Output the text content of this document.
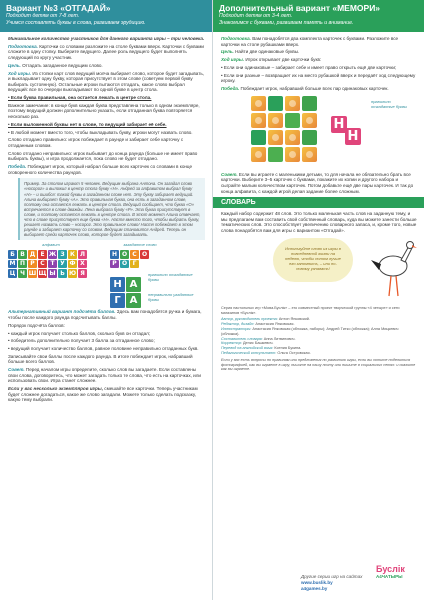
Вариант №3 «ОТГАДАЙ»
Подходит детям от 7-8 лет.
Учимся составлять буквы в слова, развиваем эрудицию.

Минимальное количество участников для данного варианта игры – три человека.

Подготовка. Карточки со словами разложите на столе буквами вверх. Карточки с буквами сложите в одну стопку. Выберите ведущего. Далее роль ведущего будет выполнять следующий по кругу участник.

Цель. Отгадать загаданное ведущим слово.

Ход игры. Из стопки карт слов ведущий молча выбирает слово, которое будет загадывать, и выкладывает одну букву, которая присутствует в этом слове (советуем первой букву выбирать сустоянную). Остальные игроки пытаются отгадать, какое слово выбрал ведущий: все по очереди выкладывают по одной букве в центр стола.

• Если буква правильная, она остается лежать в центре стола.

Важное замечание: в конце букв каждая буква представлена только в одном экземпляре, поэтому ведущий должен дополнительно указать, если отгаданная буква повторяется несколько раз.

• Если выложенной буквы нет в слове, то ведущий забирает её себе.

• В любой момент вместо того, чтобы выкладывать букву, игроки могут назвать слово.

Слово отгадано правильно: игрок побеждает в раунде и забирает себе карточку с отгаданным словом.

Слово отгадано неправильно: игрок выбывает до конца раунда (больше не имеет право выбирать буквы), и игра продолжается, пока слово не будет отгадано.

Победа. Побеждает игрок, который набрал больше всех карточек со словами в конце оговоренного количества раундов.

Пример. За столом играют 5 человек. Ведущим выбрана Антона. Он загадал слово «носорог» и выложил в центр стола букву «Н». Андрей за алфавитом выбрал букву «Н» – и ошибся: такой буквы в загаданном слове нет. Эту букву забирает ведущий. Алина выбирает букву «А». Это правильная буква, она есть в загаданном слове, поэтому она остается лежать в центре стола. Ведущий сообщает, что буква «О» встречается в слове дважды. Лена выбрала букву «Р». Эта буква присутствует в слове, и поэтому остается лежать в центре стола. В этот момент Алина отвечает, что в слове присутствует еще буква «Н». Настя вместо того, чтобы выбрать букву, решает назвать слово – носорог. Это правильное слово! Настя побеждает в этом раунде и забирает карточку со словом. Ведущим становится Андрей. Теперь он выбирает среди карточек слово, которое будет загадывать.
алфавит	загаданное слово
Б В Д Е Ж З К Л
М П Р С Т У Ф Х
Ц Ч Ш Щ Ы Ь Ю Я
Н О С О
Р О Г
Н А
Г А
правильно отгаданные буквы
неправильно угаданные буквы

Альтернативный вариант подсчёта баллов. Здесь вам понадобятся ручка и бумага, чтобы после каждого раунда подсчитывать баллы.

Порядок подсчёта баллов:

• каждый игрок получает столько баллов, сколько букв он отгадал;

• победитель дополнительно получает 3 балла за отгаданное слово;

• ведущий получает количество баллов, равное половине неправильно отгаданных букв.

Записывайте свои баллы после каждого раунда. В итоге побеждает игрок, набравший больше всего баллов.

Совет. Перед началом игры определите, сколько слов вы загадаете. Если составлены свои слова, договоритесь, что может загадать только те слова, что есть на карточках, или использовать свои. Игра станет сложнее.

Если у вас несколько экземпляров игры, смешайте все карточки. Теперь участникам будет сложнее догадаться, какое же слово загадали. Можете только сделать подсказку, какую тему выбрали.

Дополнительный вариант «МЕМОРИ»
Подходит детям от 3-4 лет.
Знакомимся с буквами, развиваем память и внимание.

Подготовка. Вам понадобятся два комплекта карточек с буквами. Разложите все карточки на столе рубашками вверх.

Цель. Найти две одинаковые буквы.

Ход игры. Игрок открывает две карточки букв:

• Если они одинаковые – забирает себе и имеет право открыть ещё две карточки;

• Если они разные – возвращает их на место рубашкой вверх и передаёт ход следующему игроку.

Победа. Побеждает игрок, набравший больше всех пар одинаковых карточек.

Н
Н
правильно отгаданные буквы

Совет. Если вы играете с маленькими детьми, то для начала не обязательно брать все карточки. Выберите 3–5 карточек с буквами, покажите их копии и другого набора и сыграйте малым количеством карточек. Потом добавьте ещё две пары карточек. И так до конца алфавита, с каждой игрой делая задание более сложным.

СЛОВАРЬ

Каждый набор содержит 48 слов. Это только маленькая часть слов на заданную тему, и мы предлагаем вам составить свой собственный словарь, куда вы можете занести больше тематических слов. Это способствует увеличению словарного запаса, и, кроме того, новые слова понадобятся вам для игры с вариантом «Отгадай».

Используйте слово из игры в повседневной жизни на неделю, чтобы потом лучше его запомнить, – или по-новому узнавать!

Серия настольных игр «Мова.Буслік» – это совместный проект творческой группы «4 четыре» и сети магазинов «Буслік».

Автор, руководитель проекта: Антон Янковский.

Редактор, дизайн: Анастасия Янковская.

Иллюстраторы: Анастасия Янковская (обложка, наборы); Андрей Титко (обложка); Алла Мицкевич (обложка).

Составитель словаря: Анна Литвинович.

Корректор: Денис Башкевич.

Перевод на английский язык: Ксения Букина.

Педагогический консультант: Ольга Островская.

Если у вас есть вопросы по правилам или предложения по развитию игры, если вы хотите поделиться фотографией, как вы играете в игру, пишите на нашу почту или пишите в социальных сетях: и скажите как вы играете.

Другие серии игр на сайтах
www.buslik.by
a4games.by
Буслік
А4ЧАТЫРЫ
